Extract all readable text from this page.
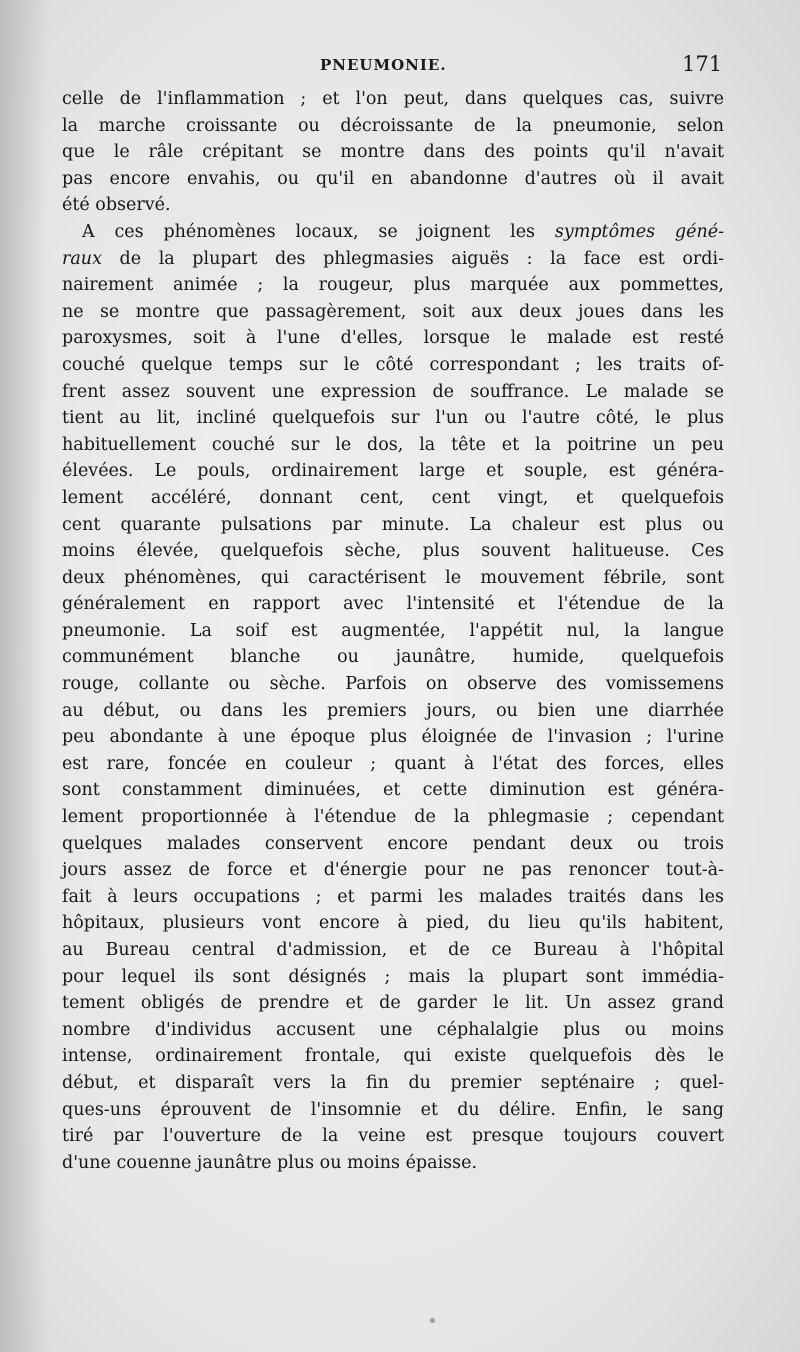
PNEUMONIE.	171
celle de l'inflammation ; et l'on peut, dans quelques cas, suivre
la marche croissante ou décroissante de la pneumonie, selon
que le râle crépitant se montre dans des points qu'il n'avait
pas encore envahis, ou qu'il en abandonne d'autres où il avait
été observé.
A ces phénomènes locaux, se joignent les symptômes géné-
raux de la plupart des phlegmasies aiguës : la face est ordi-
nairement animée ; la rougeur, plus marquée aux pommettes,
ne se montre que passagèrement, soit aux deux joues dans les
paroxysmes, soit à l'une d'elles, lorsque le malade est resté
couché quelque temps sur le côté correspondant ; les traits of-
frent assez souvent une expression de souffrance. Le malade se
tient au lit, incliné quelquefois sur l'un ou l'autre côté, le plus
habituellement couché sur le dos, la tête et la poitrine un peu
élevées. Le pouls, ordinairement large et souple, est généra-
lement accéléré, donnant cent, cent vingt, et quelquefois
cent quarante pulsations par minute. La chaleur est plus ou
moins élevée, quelquefois sèche, plus souvent halitueuse. Ces
deux phénomènes, qui caractérisent le mouvement fébrile, sont
généralement en rapport avec l'intensité et l'étendue de la
pneumonie. La soif est augmentée, l'appétit nul, la langue
communément blanche ou jaunâtre, humide, quelquefois
rouge, collante ou sèche. Parfois on observe des vomissemens
au début, ou dans les premiers jours, ou bien une diarrhée
peu abondante à une époque plus éloignée de l'invasion ; l'urine
est rare, foncée en couleur ; quant à l'état des forces, elles
sont constamment diminuées, et cette diminution est généra-
lement proportionnée à l'étendue de la phlegmasie ; cependant
quelques malades conservent encore pendant deux ou trois
jours assez de force et d'énergie pour ne pas renoncer tout-à-
fait à leurs occupations ; et parmi les malades traités dans les
hôpitaux, plusieurs vont encore à pied, du lieu qu'ils habitent,
au Bureau central d'admission, et de ce Bureau à l'hôpital
pour lequel ils sont désignés ; mais la plupart sont immédia-
tement obligés de prendre et de garder le lit. Un assez grand
nombre d'individus accusent une céphalalgie plus ou moins
intense, ordinairement frontale, qui existe quelquefois dès le
début, et disparaît vers la fin du premier septénaire ; quel-
ques-uns éprouvent de l'insomnie et du délire. Enfin, le sang
tiré par l'ouverture de la veine est presque toujours couvert
d'une couenne jaunâtre plus ou moins épaisse.
